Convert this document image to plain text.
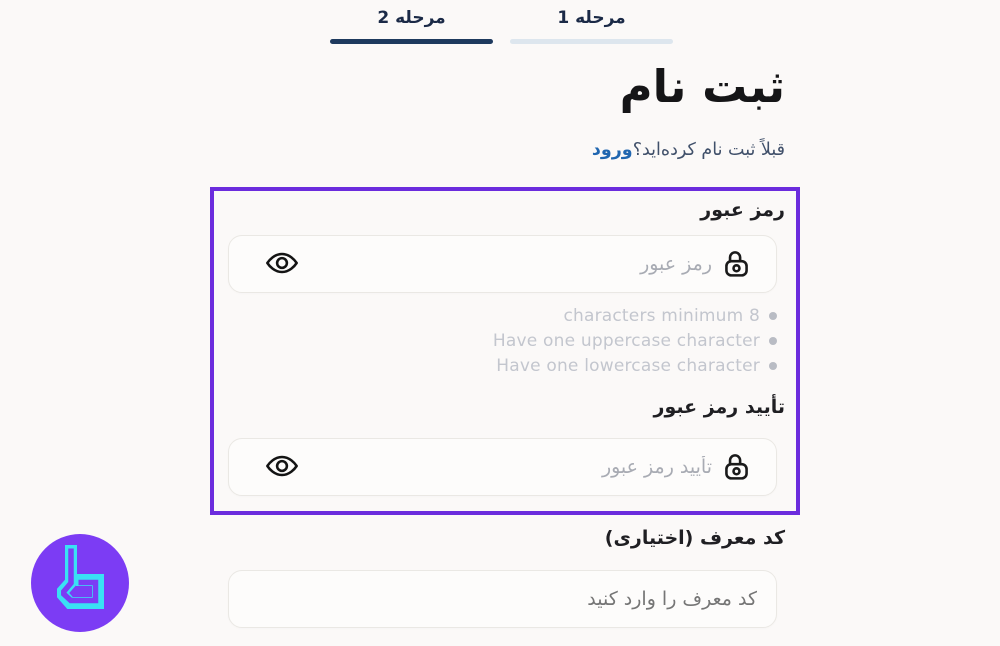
مرحله 1
مرحله 2
ثبت نام
قبلاً ثبت نام کرده‌اید؟ورود
رمز عبور
رمز عبور
characters minimum 8
Have one uppercase character
Have one lowercase character
تأیید رمز عبور
تأیید رمز عبور
کد معرف (اختیاری)
کد معرف را وارد کنید
